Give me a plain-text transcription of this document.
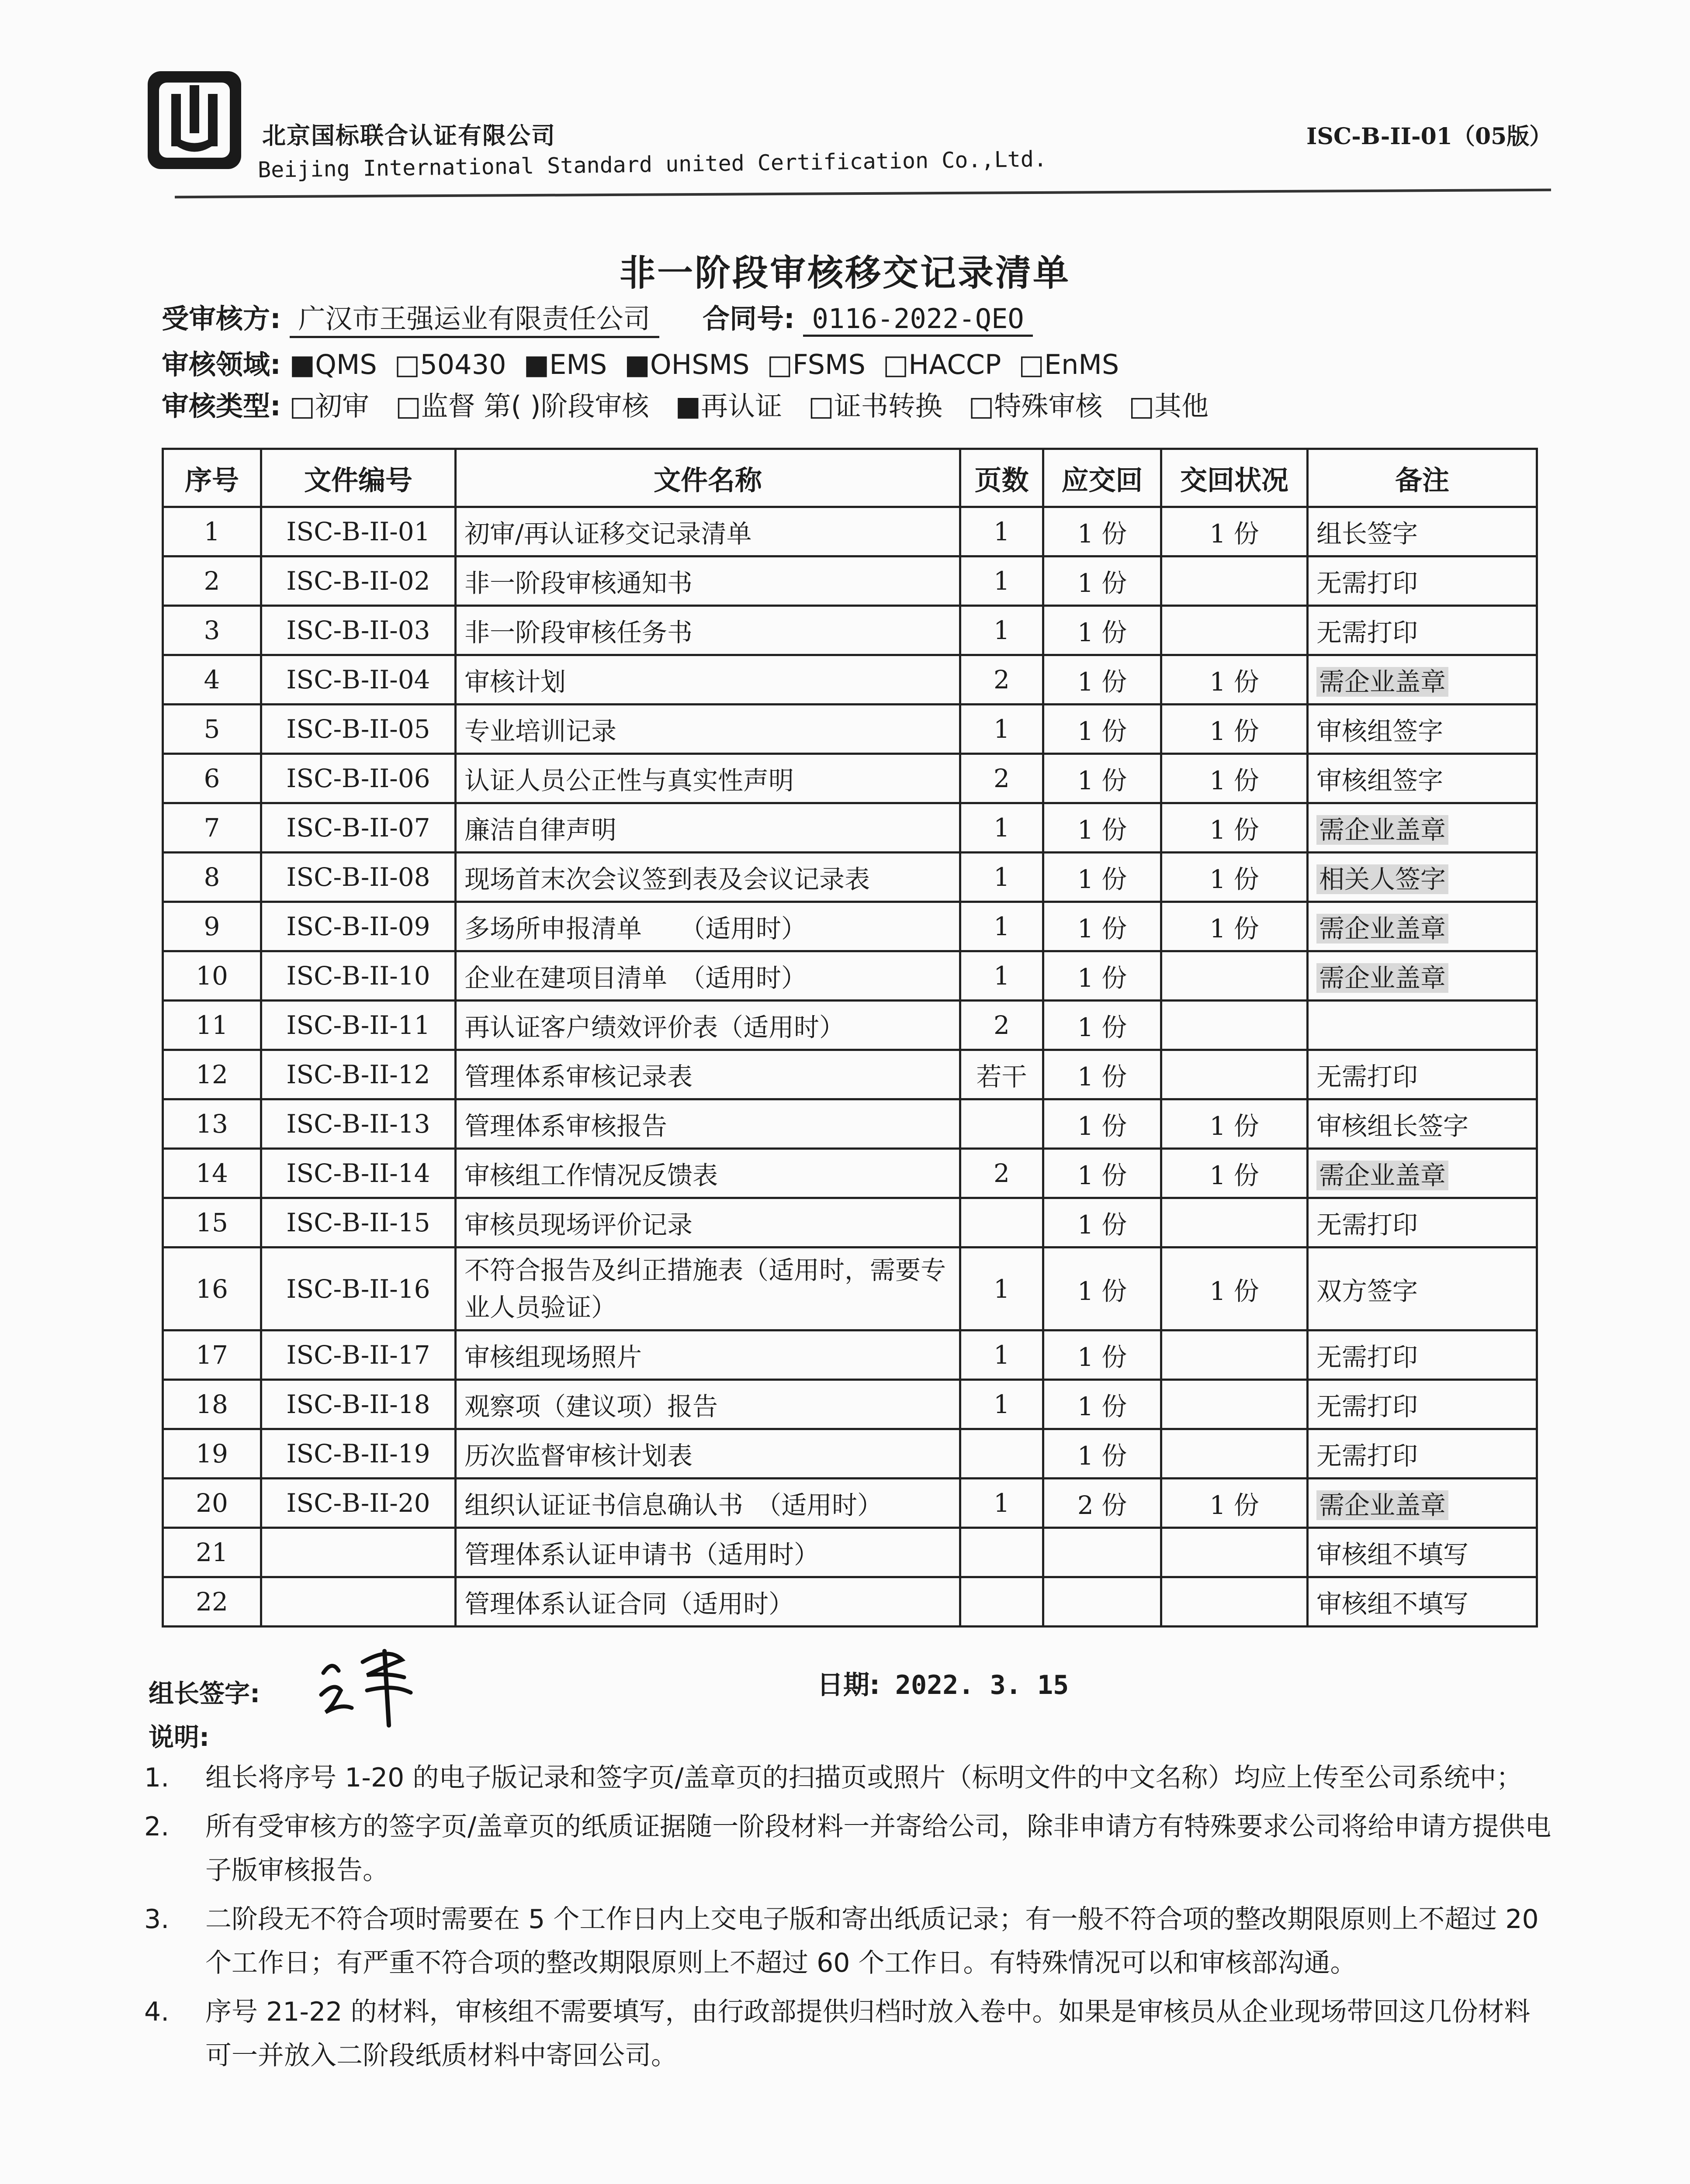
北京国标联合认证有限公司
Beijing International Standard united Certification Co.,Ltd.
ISC-B-II-01（05版）
非一阶段审核移交记录清单
受审核方: 广汉市王强运业有限责任公司 合同号: 0116-2022-QEO
审核领域: ■QMS □50430 ■EMS ■OHSMS □FSMS □HACCP □EnMS
审核类型: □初审 □监督 第( )阶段审核 ■再认证 □证书转换 □特殊审核 □其他
序号	文件编号	文件名称	页数	应交回	交回状况	备注
1	ISC-B-II-01	初审/再认证移交记录清单	1	1 份	1 份	组长签字
2	ISC-B-II-02	非一阶段审核通知书	1	1 份		无需打印
3	ISC-B-II-03	非一阶段审核任务书	1	1 份		无需打印
4	ISC-B-II-04	审核计划	2	1 份	1 份	需企业盖章
5	ISC-B-II-05	专业培训记录	1	1 份	1 份	审核组签字
6	ISC-B-II-06	认证人员公正性与真实性声明	2	1 份	1 份	审核组签字
7	ISC-B-II-07	廉洁自律声明	1	1 份	1 份	需企业盖章
8	ISC-B-II-08	现场首末次会议签到表及会议记录表	1	1 份	1 份	相关人签字
9	ISC-B-II-09	多场所申报清单　　（适用时）	1	1 份	1 份	需企业盖章
10	ISC-B-II-10	企业在建项目清单　（适用时）	1	1 份		需企业盖章
11	ISC-B-II-11	再认证客户绩效评价表（适用时）	2	1 份		
12	ISC-B-II-12	管理体系审核记录表	若干	1 份		无需打印
13	ISC-B-II-13	管理体系审核报告		1 份	1 份	审核组长签字
14	ISC-B-II-14	审核组工作情况反馈表	2	1 份	1 份	需企业盖章
15	ISC-B-II-15	审核员现场评价记录		1 份		无需打印
16	ISC-B-II-16	不符合报告及纠正措施表（适用时，需要专业人员验证）	1	1 份	1 份	双方签字
17	ISC-B-II-17	审核组现场照片	1	1 份		无需打印
18	ISC-B-II-18	观察项（建议项）报告	1	1 份		无需打印
19	ISC-B-II-19	历次监督审核计划表		1 份		无需打印
20	ISC-B-II-20	组织认证证书信息确认书　（适用时）	1	2 份	1 份	需企业盖章
21		管理体系认证申请书（适用时）				审核组不填写
22		管理体系认证合同（适用时）				审核组不填写
组长签字:	日期: 2022. 3. 15
说明:
1.	组长将序号 1-20 的电子版记录和签字页/盖章页的扫描页或照片（标明文件的中文名称）均应上传至公司系统中；
2.	所有受审核方的签字页/盖章页的纸质证据随一阶段材料一并寄给公司，除非申请方有特殊要求公司将给申请方提供电子版审核报告。
3.	二阶段无不符合项时需要在 5 个工作日内上交电子版和寄出纸质记录；有一般不符合项的整改期限原则上不超过 20 个工作日；有严重不符合项的整改期限原则上不超过 60 个工作日。有特殊情况可以和审核部沟通。
4.	序号 21-22 的材料，审核组不需要填写，由行政部提供归档时放入卷中。如果是审核员从企业现场带回这几份材料可一并放入二阶段纸质材料中寄回公司。
